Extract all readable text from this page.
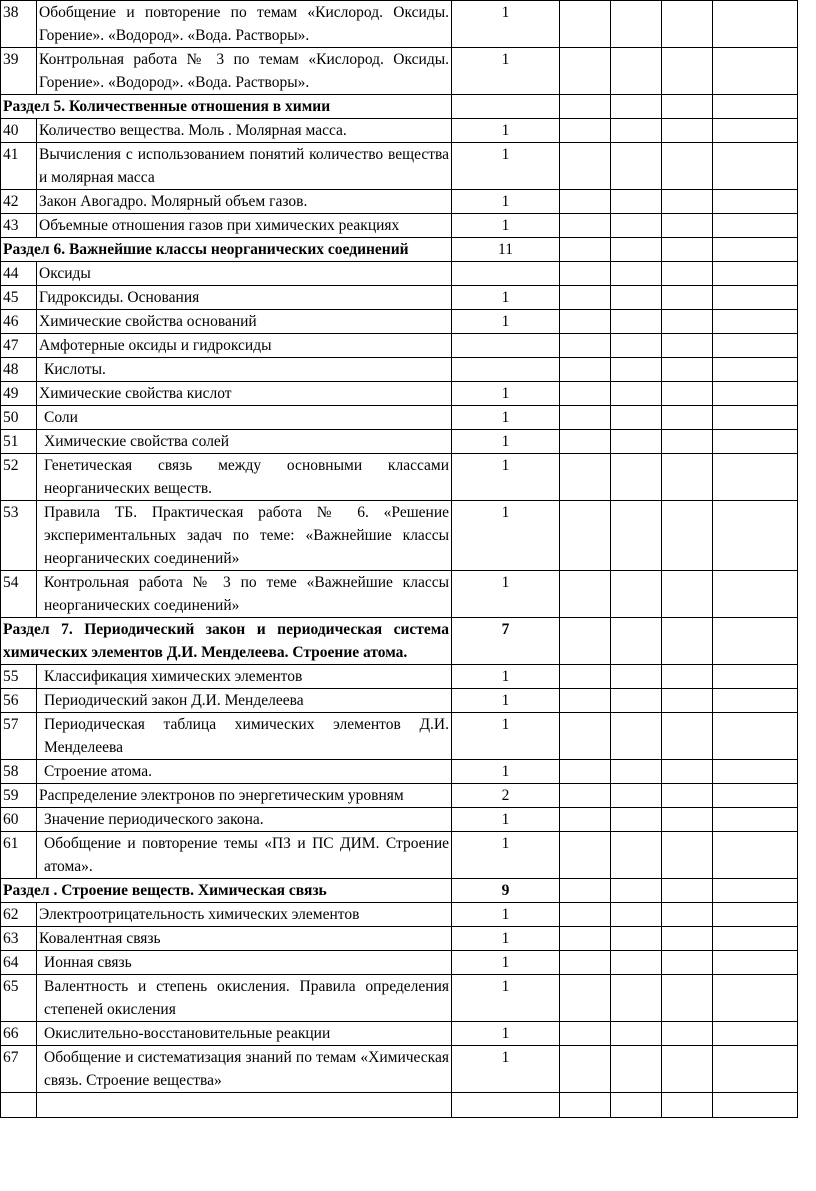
38	Обобщение и повторение по темам «Кислород. Оксиды. Горение». «Водород». «Вода. Растворы».	1				
39	Контрольная работа № 3 по темам «Кислород. Оксиды. Горение». «Водород». «Вода. Растворы».	1				
Раздел 5. Количественные отношения в химии						
40	Количество вещества. Моль . Молярная масса.	1				
41	Вычисления с использованием понятий количество вещества и молярная масса	1				
42	Закон Авогадро. Молярный объем газов.	1				
43	Объемные отношения газов при химических реакциях	1				
Раздел 6. Важнейшие классы неорганических соединений		11				
44	Оксиды					
45	Гидроксиды. Основания	1				
46	Химические свойства оснований	1				
47	Амфотерные оксиды и гидроксиды					
48	Кислоты.					
49	Химические свойства кислот	1				
50	Соли	1				
51	Химические свойства солей	1				
52	Генетическая связь между основными классами неорганических веществ.	1				
53	Правила ТБ. Практическая работа № 6. «Решение экспериментальных задач по теме: «Важнейшие классы неорганических соединений»	1				
54	Контрольная работа № 3 по теме «Важнейшие классы неорганических соединений»	1				
Раздел 7. Периодический закон и периодическая система химических элементов Д.И. Менделеева. Строение атома.		7				
55	Классификация химических элементов	1				
56	Периодический закон Д.И. Менделеева	1				
57	Периодическая таблица химических элементов Д.И. Менделеева	1				
58	Строение атома.	1				
59	Распределение электронов по энергетическим уровням	2				
60	Значение периодического закона.	1				
61	Обобщение и повторение темы «ПЗ и ПС ДИМ. Строение атома».	1				
Раздел . Строение веществ. Химическая связь		9				
62	Электроотрицательность химических элементов	1				
63	Ковалентная связь	1				
64	Ионная связь	1				
65	Валентность и степень окисления. Правила определения степеней окисления	1				
66	Окислительно-восстановительные реакции	1				
67	Обобщение и систематизация знаний по темам «Химическая связь. Строение вещества»	1				
